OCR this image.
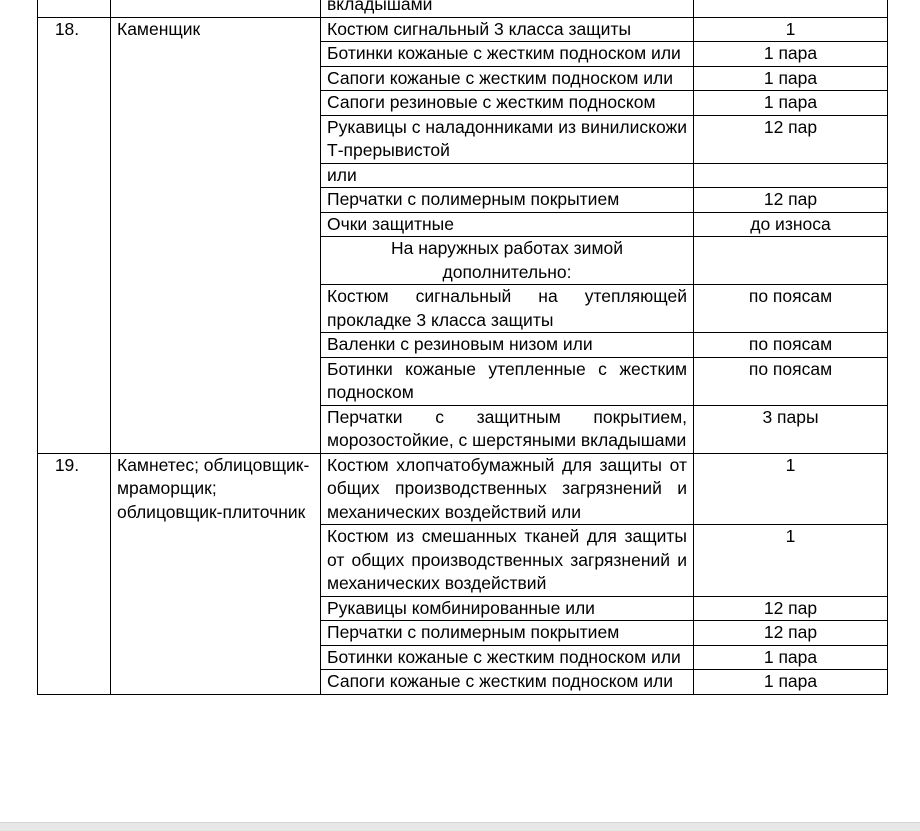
		вкладышами	
18.	Каменщик	Костюм сигнальный 3 класса защиты	1
		Ботинки кожаные с жестким подноском или	1 пара
		Сапоги кожаные с жестким подноском или	1 пара
		Сапоги резиновые с жестким подноском	1 пара
		Рукавицы с наладонниками из винилискожи Т-прерывистой	12 пар
		или	
		Перчатки с полимерным покрытием	12 пар
		Очки защитные	до износа
		На наружных работах зимой дополнительно:	
		Костюм сигнальный на утепляющей прокладке 3 класса защиты	по поясам
		Валенки с резиновым низом или	по поясам
		Ботинки кожаные утепленные с жестким подноском	по поясам
		Перчатки с защитным покрытием, морозостойкие, с шерстяными вкладышами	3 пары
19.	Камнетес; облицовщик-мраморщик; облицовщик-плиточник	Костюм хлопчатобумажный для защиты от общих производственных загрязнений и механических воздействий или	1
		Костюм из смешанных тканей для защиты от общих производственных загрязнений и механических воздействий	1
		Рукавицы комбинированные или	12 пар
		Перчатки с полимерным покрытием	12 пар
		Ботинки кожаные с жестким подноском или	1 пара
		Сапоги кожаные с жестким подноском или	1 пара
